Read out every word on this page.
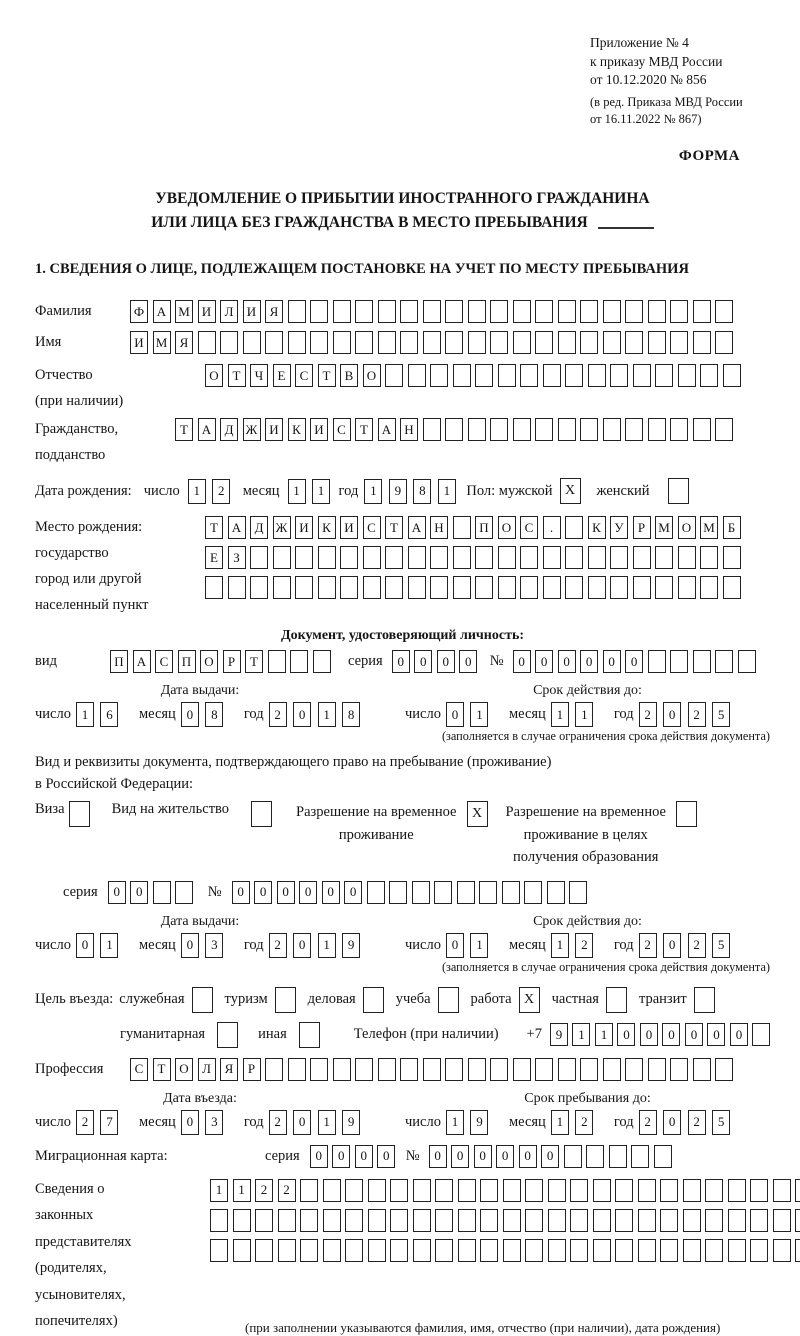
Приложение № 4
к приказу МВД России
от 10.12.2020 № 856
(в ред. Приказа МВД России
от 16.11.2022 № 867)
ФОРМА
УВЕДОМЛЕНИЕ О ПРИБЫТИИ ИНОСТРАННОГО ГРАЖДАНИНА
ИЛИ ЛИЦА БЕЗ ГРАЖДАНСТВА В МЕСТО ПРЕБЫВАНИЯ
1. СВЕДЕНИЯ О ЛИЦЕ, ПОДЛЕЖАЩЕМ ПОСТАНОВКЕ НА УЧЕТ ПО МЕСТУ ПРЕБЫВАНИЯ
Фамилия	Ф А М И	Л	И	Я
Имя	И М Я
Отчество
(при наличии)
О	Т	Ч	Е	С	Т	В	О
Гражданство,
подданство
Т	А	Д Ж И	К	И	С	Т	А	Н
Дата рождения: число	1	2	месяц	1	1 год 1	9	8	1	Пол: мужской X	женский
Место рождения:
государство
город или другой
населенный пункт
Т	А	Д Ж И	К	И	С	Т	А	Н	П	О	С	.	К	У	Р	М О М Б
Е	З
Документ, удостоверяющий личность:
вид	П	А	С	П	О	Р	Т	серия	0	0	0	0	№	0	0	0	0	0	0
Дата выдачи:
число 1	6	месяц 0	8	год 2	0	1	8
Срок действия до:
число 0	1	месяц 1	1	год 2	0	2	5
(заполняется в случае ограничения срока действия документа)
Вид и реквизиты документа, подтверждающего право на пребывание (проживание)
в Российской Федерации:
Виза	Вид на жительство	Разрешение на временное
проживание
X	Разрешение на временное
проживание в целях
получения образования
серия	0	0	№	0	0	0	0	0	0
Дата выдачи:
число 0	1	месяц 0	3	год 2	0	1	9
Срок действия до:
число 0	1	месяц 1	2	год 2	0	2	5
(заполняется в случае ограничения срока действия документа)
Цель въезда: служебная	туризм	деловая	учеба	работа X	частная	транзит
гуманитарная	иная	Телефон (при наличии) +7	9	1	1	0	0	0	0	0	0
Профессия	С	Т	О	Л	Я	Р
Дата въезда:
число 2	7	месяц 0	3	год 2	0	1	9
Срок пребывания до:
число 1	9	месяц 1	2	год 2	0	2	5
Миграционная карта:	серия	0	0	0	0	№	0	0	0	0	0	0
Сведения о
законных
представителях
(родителях,
усыновителях,
попечителях)
1	1	2	2
(при заполнении указываются фамилия, имя, отчество (при наличии), дата рождения)
